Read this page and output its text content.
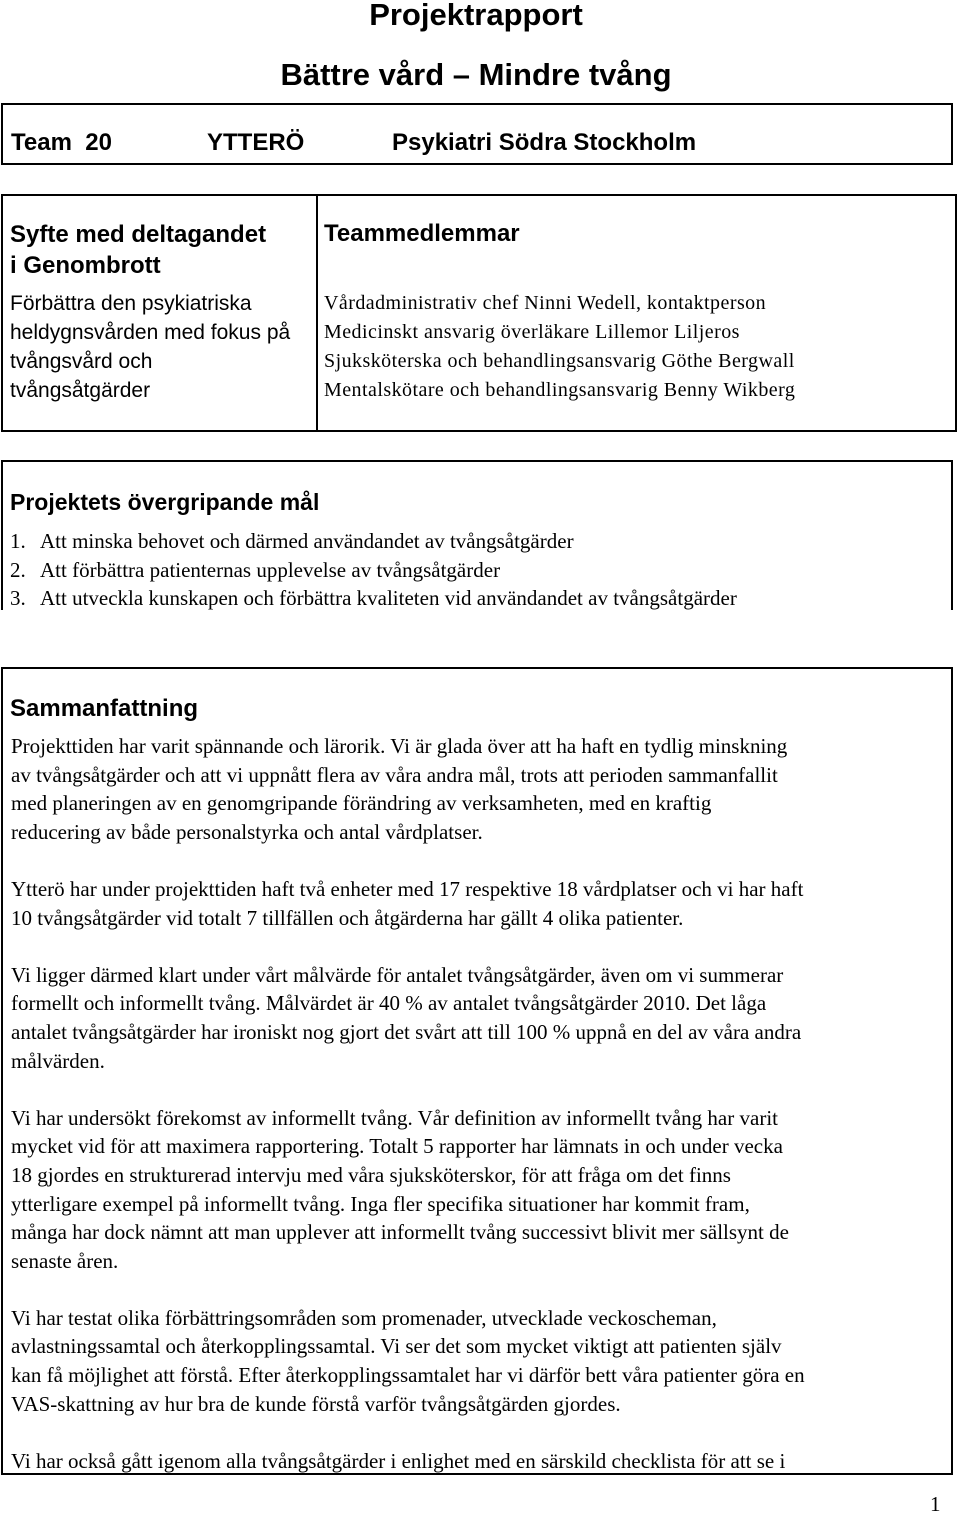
Projektrapport
Bättre vård – Mindre tvång
Team  20	YTTERÖ	Psykiatri Södra Stockholm
Syfte med deltagandet
i Genombrott
Förbättra den psykiatriska
heldygnsvården med fokus på
tvångsvård och
tvångsåtgärder
Teammedlemmar
Vårdadministrativ chef Ninni Wedell, kontaktperson
Medicinskt ansvarig överläkare Lillemor Liljeros
Sjuksköterska och behandlingsansvarig Göthe Bergwall
Mentalskötare och behandlingsansvarig Benny Wikberg
Projektets övergripande mål
1. Att minska behovet och därmed användandet av tvångsåtgärder
2. Att förbättra patienternas upplevelse av tvångsåtgärder
3. Att utveckla kunskapen och förbättra kvaliteten vid användandet av tvångsåtgärder
Sammanfattning

Projekttiden har varit spännande och lärorik. Vi är glada över att ha haft en tydlig minskning
av tvångsåtgärder och att vi uppnått flera av våra andra mål, trots att perioden sammanfallit
med planeringen av en genomgripande förändring av verksamheten, med en kraftig
reducering av både personalstyrka och antal vårdplatser.

Ytterö har under projekttiden haft två enheter med 17 respektive 18 vårdplatser och vi har haft
10 tvångsåtgärder vid totalt 7 tillfällen och åtgärderna har gällt 4 olika patienter.

Vi ligger därmed klart under vårt målvärde för antalet tvångsåtgärder, även om vi summerar
formellt och informellt tvång. Målvärdet är 40 % av antalet tvångsåtgärder 2010. Det låga
antalet tvångsåtgärder har ironiskt nog gjort det svårt att till 100 % uppnå en del av våra andra
målvärden.

Vi har undersökt förekomst av informellt tvång. Vår definition av informellt tvång har varit
mycket vid för att maximera rapportering. Totalt 5 rapporter har lämnats in och under vecka
18 gjordes en strukturerad intervju med våra sjuksköterskor, för att fråga om det finns
ytterligare exempel på informellt tvång. Inga fler specifika situationer har kommit fram,
många har dock nämnt att man upplever att informellt tvång successivt blivit mer sällsynt de
senaste åren.

Vi har testat olika förbättringsområden som promenader, utvecklade veckoscheman,
avlastningssamtal och återkopplingssamtal. Vi ser det som mycket viktigt att patienten själv
kan få möjlighet att förstå. Efter återkopplingssamtalet har vi därför bett våra patienter göra en
VAS-skattning av hur bra de kunde förstå varför tvångsåtgärden gjordes.

Vi har också gått igenom alla tvångsåtgärder i enlighet med en särskild checklista för att se i

1
